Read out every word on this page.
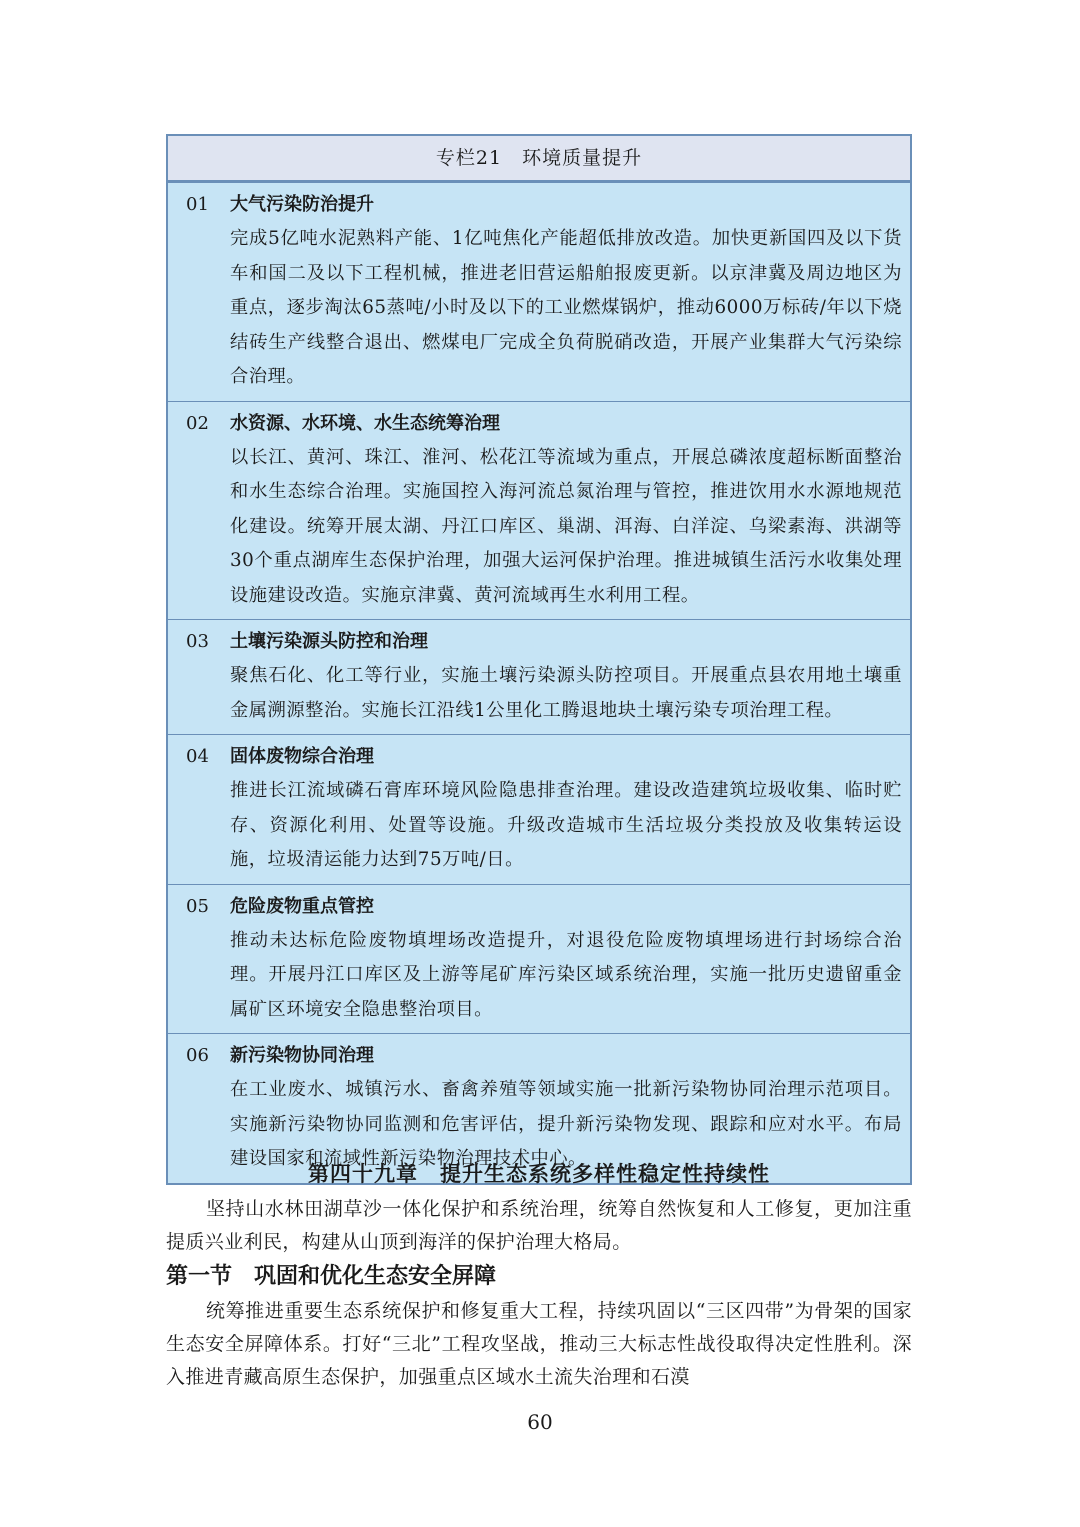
专栏21　环境质量提升
01	大气污染防治提升
完成5亿吨水泥熟料产能、1亿吨焦化产能超低排放改造。加快更新国四及以下货车和国二及以下工程机械，推进老旧营运船舶报废更新。以京津冀及周边地区为重点，逐步淘汰65蒸吨/小时及以下的工业燃煤锅炉，推动6000万标砖/年以下烧结砖生产线整合退出、燃煤电厂完成全负荷脱硝改造，开展产业集群大气污染综合治理。
02	水资源、水环境、水生态统筹治理
以长江、黄河、珠江、淮河、松花江等流域为重点，开展总磷浓度超标断面整治和水生态综合治理。实施国控入海河流总氮治理与管控，推进饮用水水源地规范化建设。统筹开展太湖、丹江口库区、巢湖、洱海、白洋淀、乌梁素海、洪湖等30个重点湖库生态保护治理，加强大运河保护治理。推进城镇生活污水收集处理设施建设改造。实施京津冀、黄河流域再生水利用工程。
03	土壤污染源头防控和治理
聚焦石化、化工等行业，实施土壤污染源头防控项目。开展重点县农用地土壤重金属溯源整治。实施长江沿线1公里化工腾退地块土壤污染专项治理工程。
04	固体废物综合治理
推进长江流域磷石膏库环境风险隐患排查治理。建设改造建筑垃圾收集、临时贮存、资源化利用、处置等设施。升级改造城市生活垃圾分类投放及收集转运设施，垃圾清运能力达到75万吨/日。
05	危险废物重点管控
推动未达标危险废物填埋场改造提升，对退役危险废物填埋场进行封场综合治理。开展丹江口库区及上游等尾矿库污染区域系统治理，实施一批历史遗留重金属矿区环境安全隐患整治项目。
06	新污染物协同治理
在工业废水、城镇污水、畜禽养殖等领域实施一批新污染物协同治理示范项目。实施新污染物协同监测和危害评估，提升新污染物发现、跟踪和应对水平。布局建设国家和流域性新污染物治理技术中心。
第四十九章　提升生态系统多样性稳定性持续性
坚持山水林田湖草沙一体化保护和系统治理，统筹自然恢复和人工修复，更加注重提质兴业利民，构建从山顶到海洋的保护治理大格局。
第一节　巩固和优化生态安全屏障
统筹推进重要生态系统保护和修复重大工程，持续巩固以“三区四带”为骨架的国家生态安全屏障体系。打好“三北”工程攻坚战，推动三大标志性战役取得决定性胜利。深入推进青藏高原生态保护，加强重点区域水土流失治理和石漠
60
